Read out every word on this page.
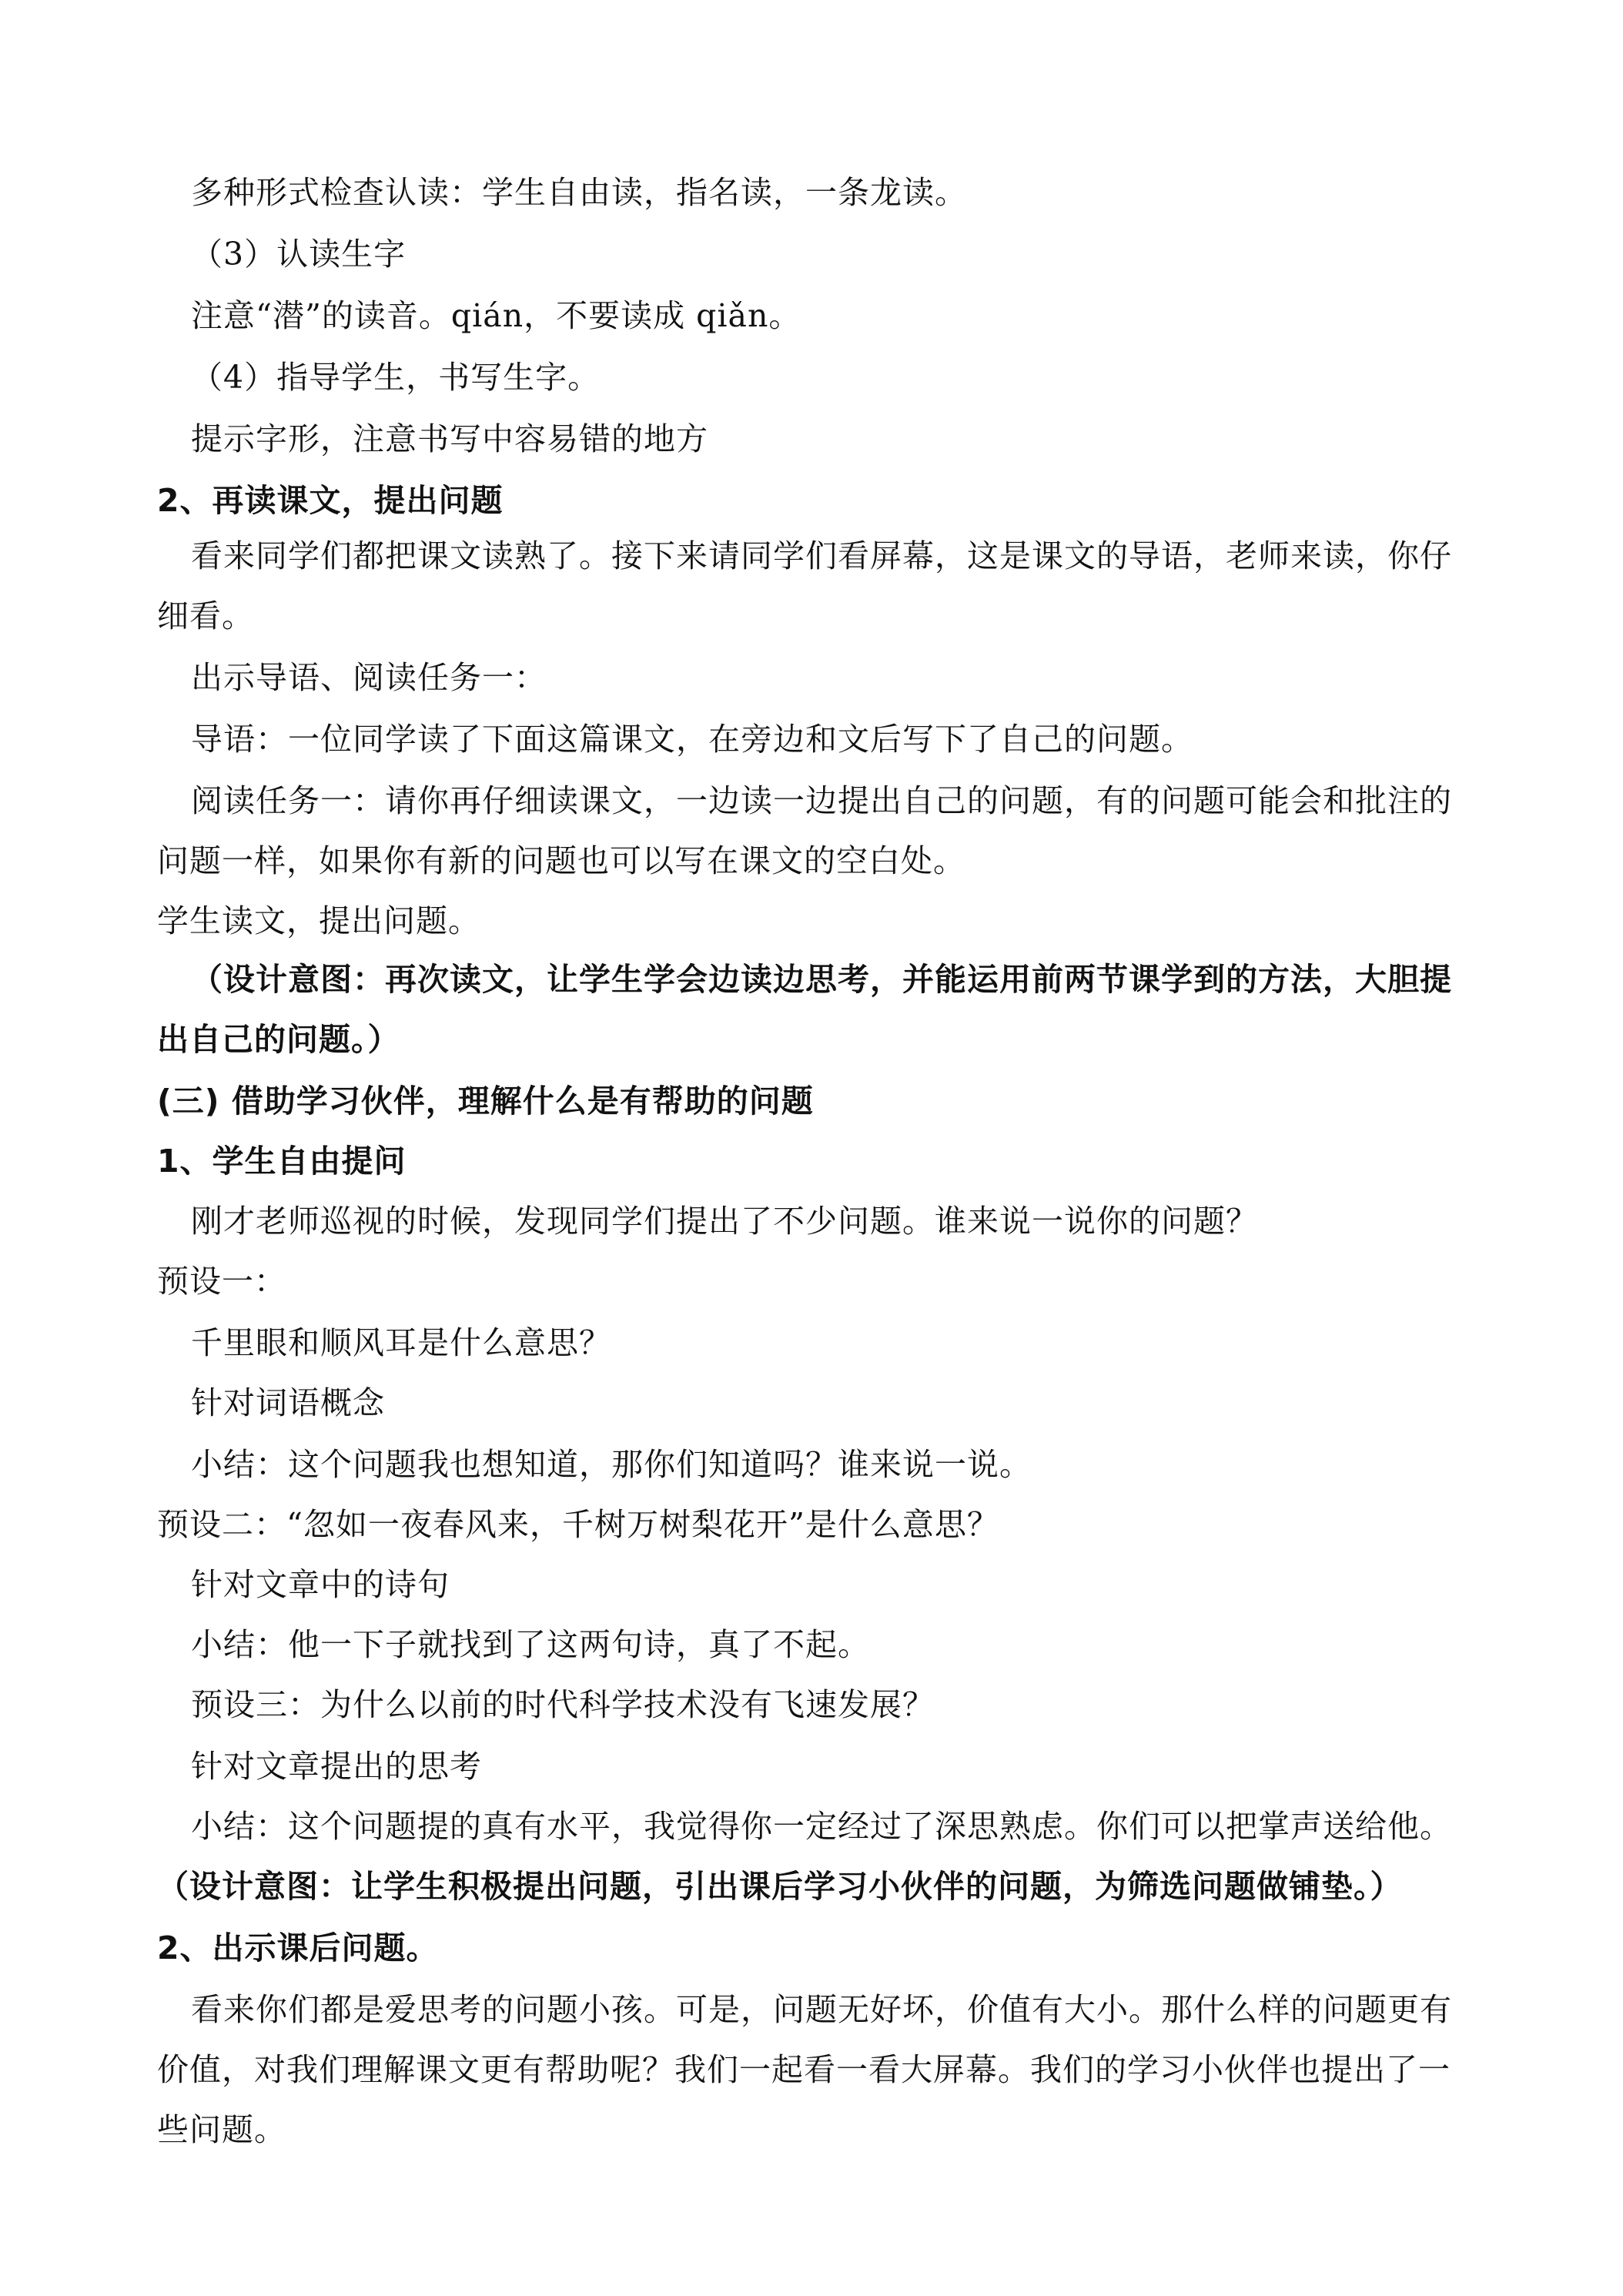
多种形式检查认读：学生自由读，指名读，一条龙读。
（3）认读生字
注意“潜”的读音。qián，不要读成 qiǎn。
（4）指导学生，书写生字。
提示字形，注意书写中容易错的地方
2、再读课文，提出问题
看来同学们都把课文读熟了。接下来请同学们看屏幕，这是课文的导语，老师来读，你仔
细看。
出示导语、阅读任务一：
导语：一位同学读了下面这篇课文，在旁边和文后写下了自己的问题。
阅读任务一：请你再仔细读课文，一边读一边提出自己的问题，有的问题可能会和批注的
问题一样，如果你有新的问题也可以写在课文的空白处。
学生读文，提出问题。
（设计意图：再次读文，让学生学会边读边思考，并能运用前两节课学到的方法，大胆提
出自己的问题。）
(三) 借助学习伙伴，理解什么是有帮助的问题
1、学生自由提问
刚才老师巡视的时候，发现同学们提出了不少问题。谁来说一说你的问题？
预设一：
千里眼和顺风耳是什么意思？
针对词语概念
小结：这个问题我也想知道，那你们知道吗？谁来说一说。
预设二：“忽如一夜春风来，千树万树梨花开”是什么意思？
针对文章中的诗句
小结：他一下子就找到了这两句诗，真了不起。
预设三：为什么以前的时代科学技术没有飞速发展？
针对文章提出的思考
小结：这个问题提的真有水平，我觉得你一定经过了深思熟虑。你们可以把掌声送给他。
（设计意图：让学生积极提出问题，引出课后学习小伙伴的问题，为筛选问题做铺垫。）
2、出示课后问题。
看来你们都是爱思考的问题小孩。可是，问题无好坏，价值有大小。那什么样的问题更有
价值，对我们理解课文更有帮助呢？我们一起看一看大屏幕。我们的学习小伙伴也提出了一
些问题。
